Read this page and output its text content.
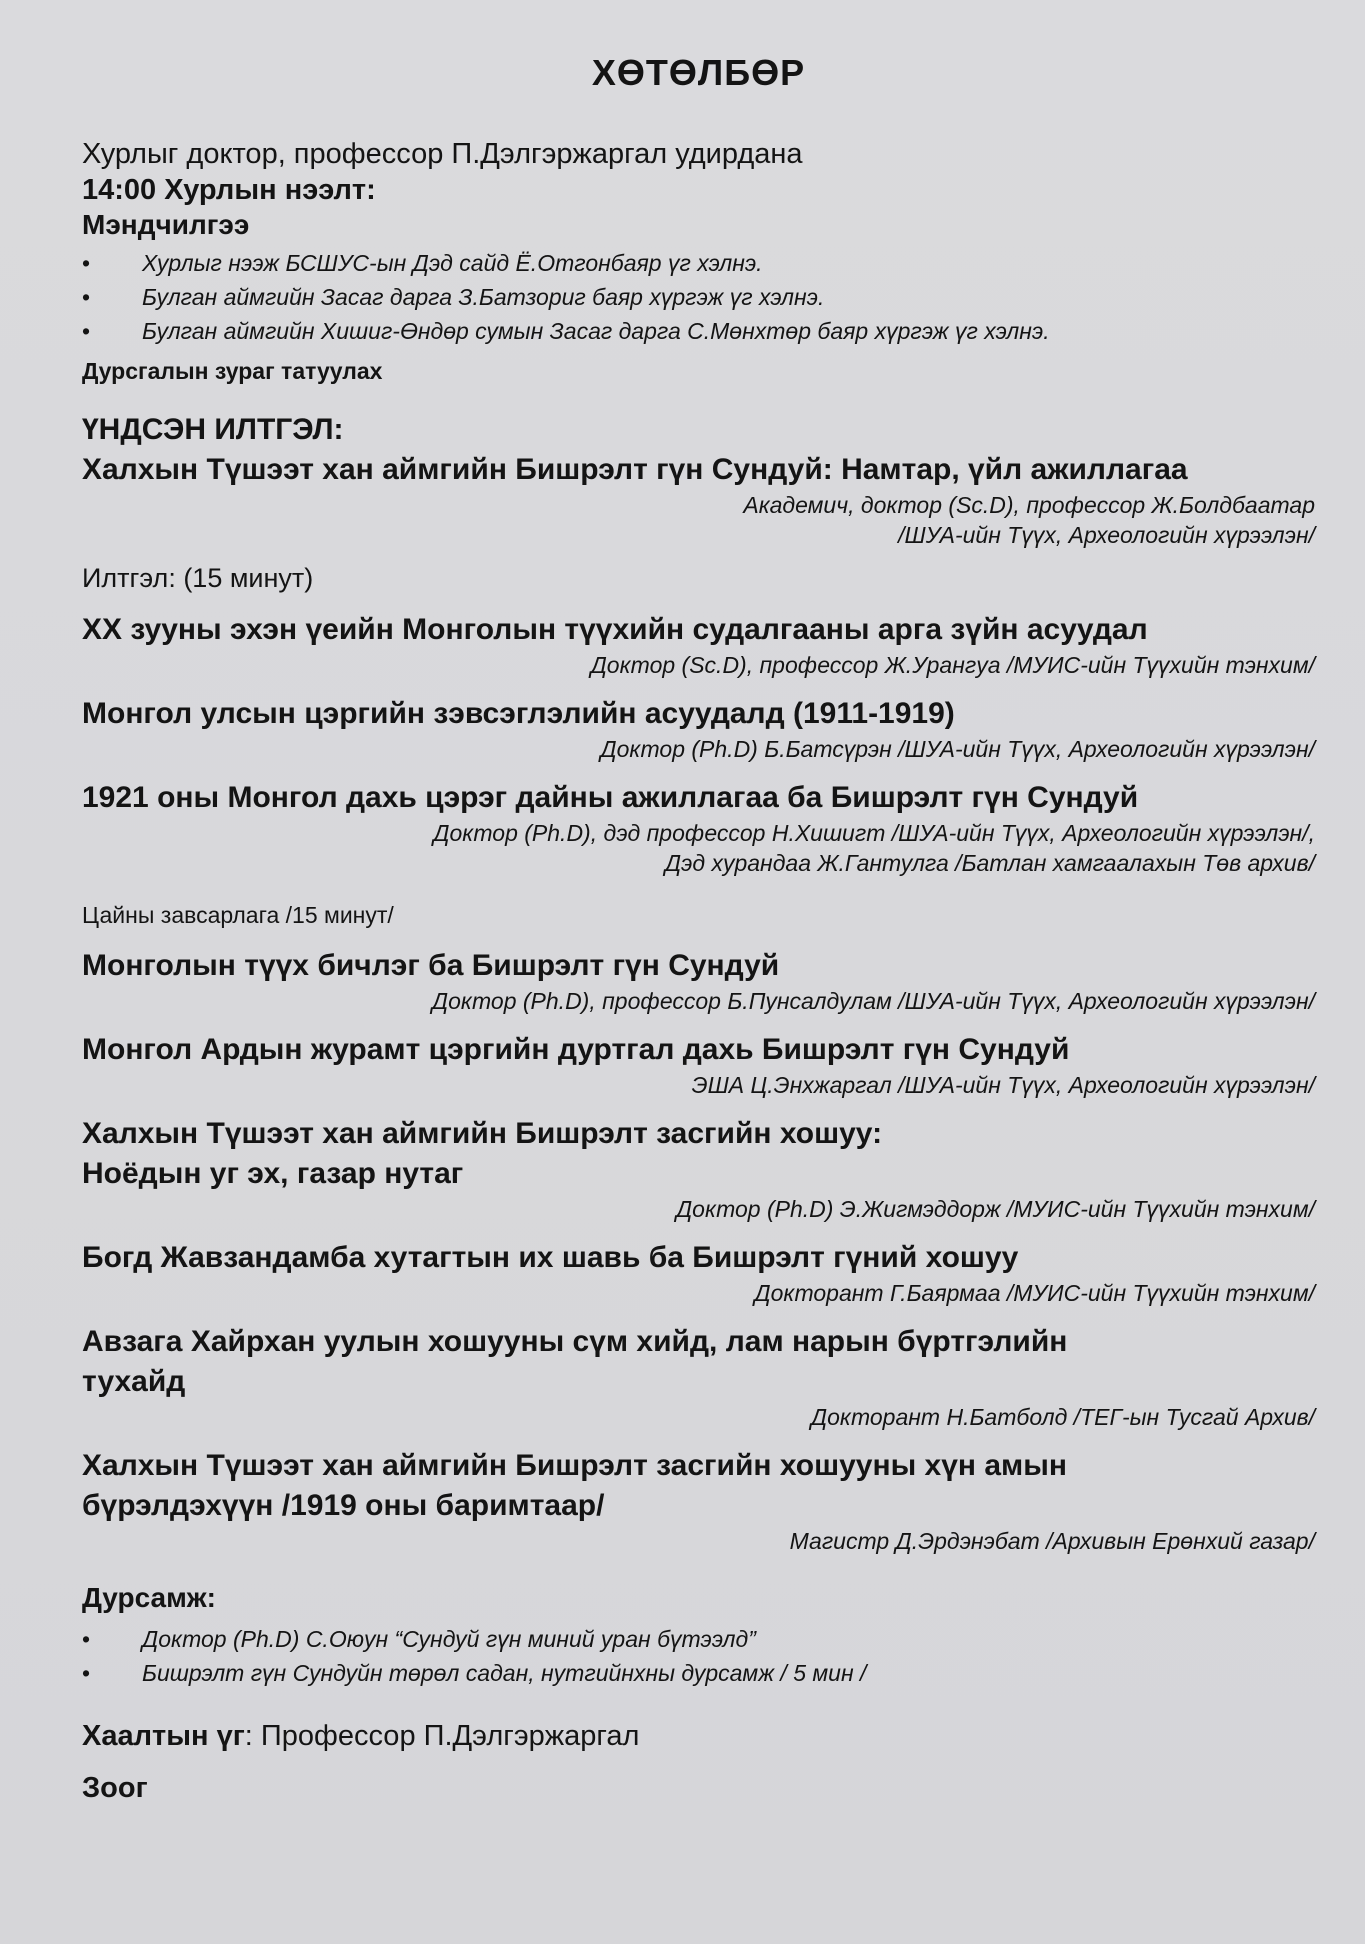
ХӨТӨЛБӨР

Хурлыг доктор, профессор П.Дэлгэржаргал удирдана

14:00 Хурлын нээлт:

Мэндчилгээ

• Хурлыг нээж БСШУС-ын Дэд сайд Ё.Отгонбаяр үг хэлнэ.
• Булган аймгийн Засаг дарга З.Батзориг баяр хүргэж үг хэлнэ.
• Булган аймгийн Хишиг-Өндөр сумын Засаг дарга С.Мөнхтөр баяр хүргэж үг хэлнэ.

Дурсгалын зураг татуулах

ҮНДСЭН ИЛТГЭЛ:

Халхын Түшээт хан аймгийн Бишрэлт гүн Сундуй: Намтар, үйл ажиллагаа

Академич, доктор (Sc.D), профессор Ж.Болдбаатар

/ШУА-ийн Түүх, Археологийн хүрээлэн/

Илтгэл: (15 минут)

XX зууны эхэн үеийн Монголын түүхийн судалгааны арга зүйн асуудал

Доктор (Sc.D), профессор Ж.Урангуа /МУИС-ийн Түүхийн тэнхим/

Монгол улсын цэргийн зэвсэглэлийн асуудалд (1911-1919)

Доктор (Ph.D) Б.Батсүрэн /ШУА-ийн Түүх, Археологийн хүрээлэн/

1921 оны Монгол дахь цэрэг дайны ажиллагаа ба Бишрэлт гүн Сундуй

Доктор (Ph.D), дэд профессор Н.Хишигт /ШУА-ийн Түүх, Археологийн хүрээлэн/,

Дэд хурандаа Ж.Гантулга /Батлан хамгаалахын Төв архив/

Цайны завсарлага /15 минут/

Монголын түүх бичлэг ба Бишрэлт гүн Сундуй

Доктор (Ph.D), профессор Б.Пунсалдулам /ШУА-ийн Түүх, Археологийн хүрээлэн/

Монгол Ардын журамт цэргийн дуртгал дахь Бишрэлт гүн Сундуй

ЭША Ц.Энхжаргал /ШУА-ийн Түүх, Археологийн хүрээлэн/

Халхын Түшээт хан аймгийн Бишрэлт засгийн хошуу:
Ноёдын уг эх, газар нутаг

Доктор (Ph.D) Э.Жигмэддорж /МУИС-ийн Түүхийн тэнхим/

Богд Жавзандамба хутагтын их шавь ба Бишрэлт гүний хошуу

Докторант Г.Баярмаа /МУИС-ийн Түүхийн тэнхим/

Авзага Хайрхан уулын хошууны сүм хийд, лам нарын бүртгэлийн
тухайд

Докторант Н.Батболд /ТЕГ-ын Тусгай Архив/

Халхын Түшээт хан аймгийн Бишрэлт засгийн хошууны хүн амын
бүрэлдэхүүн /1919 оны баримтаар/

Магистр Д.Эрдэнэбат /Архивын Ерөнхий газар/

Дурсамж:

• Доктор (Ph.D) С.Оюун “Сундуй гүн миний уран бүтээлд”
• Бишрэлт гүн Сундуйн төрөл садан, нутгийнхны дурсамж / 5 мин /

Хаалтын үг: Профессор П.Дэлгэржаргал

Зоог
